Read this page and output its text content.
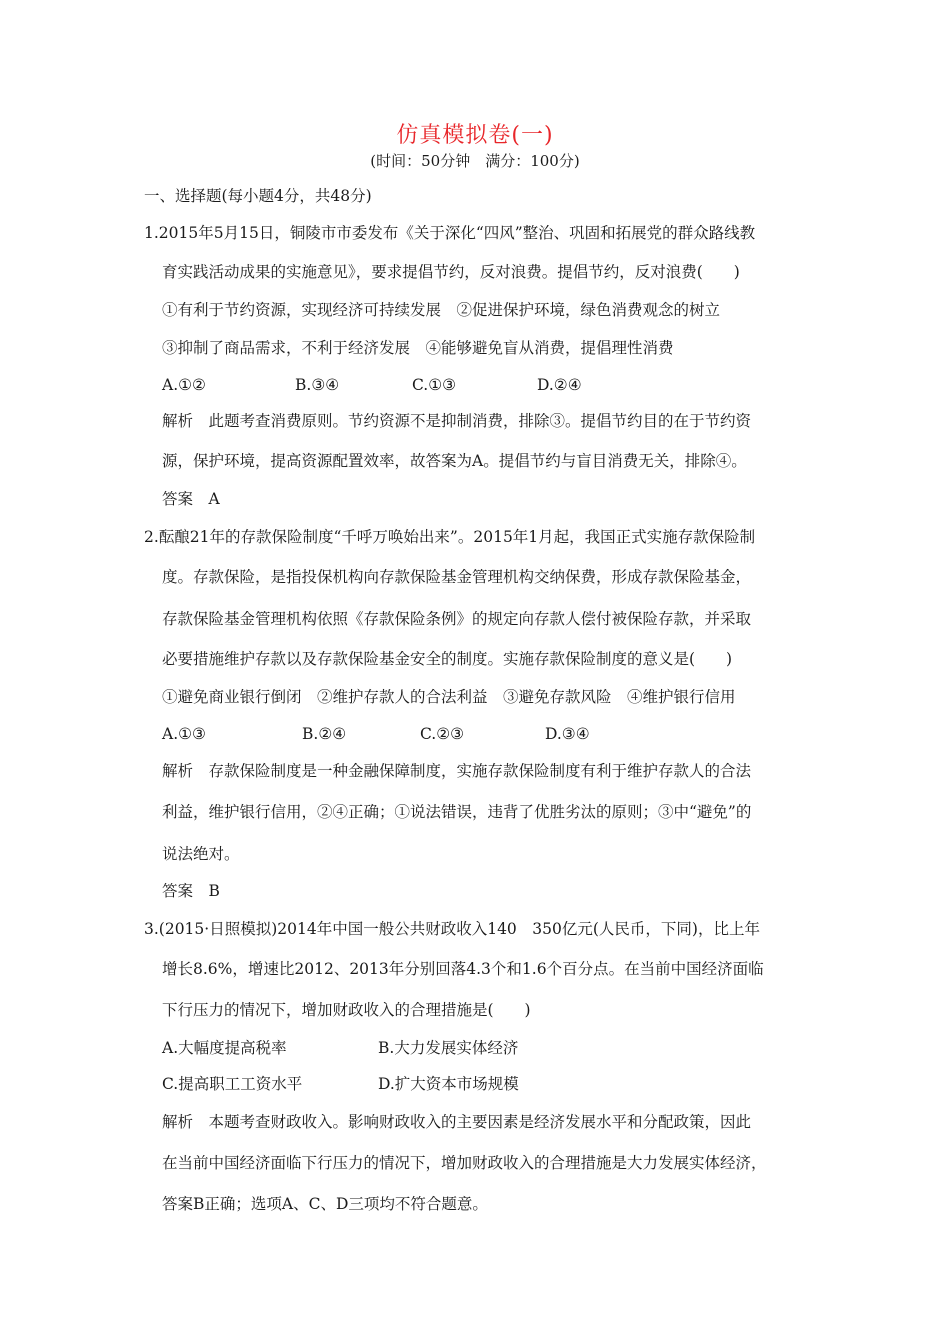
仿真模拟卷(一)
(时间：50分钟　满分：100分)
一、选择题(每小题4分，共48分)
1.2015年5月15日，铜陵市市委发布《关于深化“四风”整治、巩固和拓展党的群众路线教
育实践活动成果的实施意见》，要求提倡节约，反对浪费。提倡节约，反对浪费(　　)
①有利于节约资源，实现经济可持续发展　②促进保护环境，绿色消费观念的树立
③抑制了商品需求，不利于经济发展　④能够避免盲从消费，提倡理性消费
A.①②	B.③④	C.①③	D.②④
解析　此题考查消费原则。节约资源不是抑制消费，排除③。提倡节约目的在于节约资
源，保护环境，提高资源配置效率，故答案为A。提倡节约与盲目消费无关，排除④。
答案　A
2.酝酿21年的存款保险制度“千呼万唤始出来”。2015年1月起，我国正式实施存款保险制
度。存款保险，是指投保机构向存款保险基金管理机构交纳保费，形成存款保险基金，
存款保险基金管理机构依照《存款保险条例》的规定向存款人偿付被保险存款，并采取
必要措施维护存款以及存款保险基金安全的制度。实施存款保险制度的意义是(　　)
①避免商业银行倒闭　②维护存款人的合法利益　③避免存款风险　④维护银行信用
A.①③	B.②④	C.②③	D.③④
解析　存款保险制度是一种金融保障制度，实施存款保险制度有利于维护存款人的合法
利益，维护银行信用，②④正确；①说法错误，违背了优胜劣汰的原则；③中“避免”的
说法绝对。
答案　B
3.(2015·日照模拟)2014年中国一般公共财政收入140　350亿元(人民币，下同)，比上年
增长8.6%，增速比2012、2013年分别回落4.3个和1.6个百分点。在当前中国经济面临
下行压力的情况下，增加财政收入的合理措施是(　　)
A.大幅度提高税率	B.大力发展实体经济
C.提高职工工资水平	D.扩大资本市场规模
解析　本题考查财政收入。影响财政收入的主要因素是经济发展水平和分配政策，因此
在当前中国经济面临下行压力的情况下，增加财政收入的合理措施是大力发展实体经济，
答案B正确；选项A、C、D三项均不符合题意。
